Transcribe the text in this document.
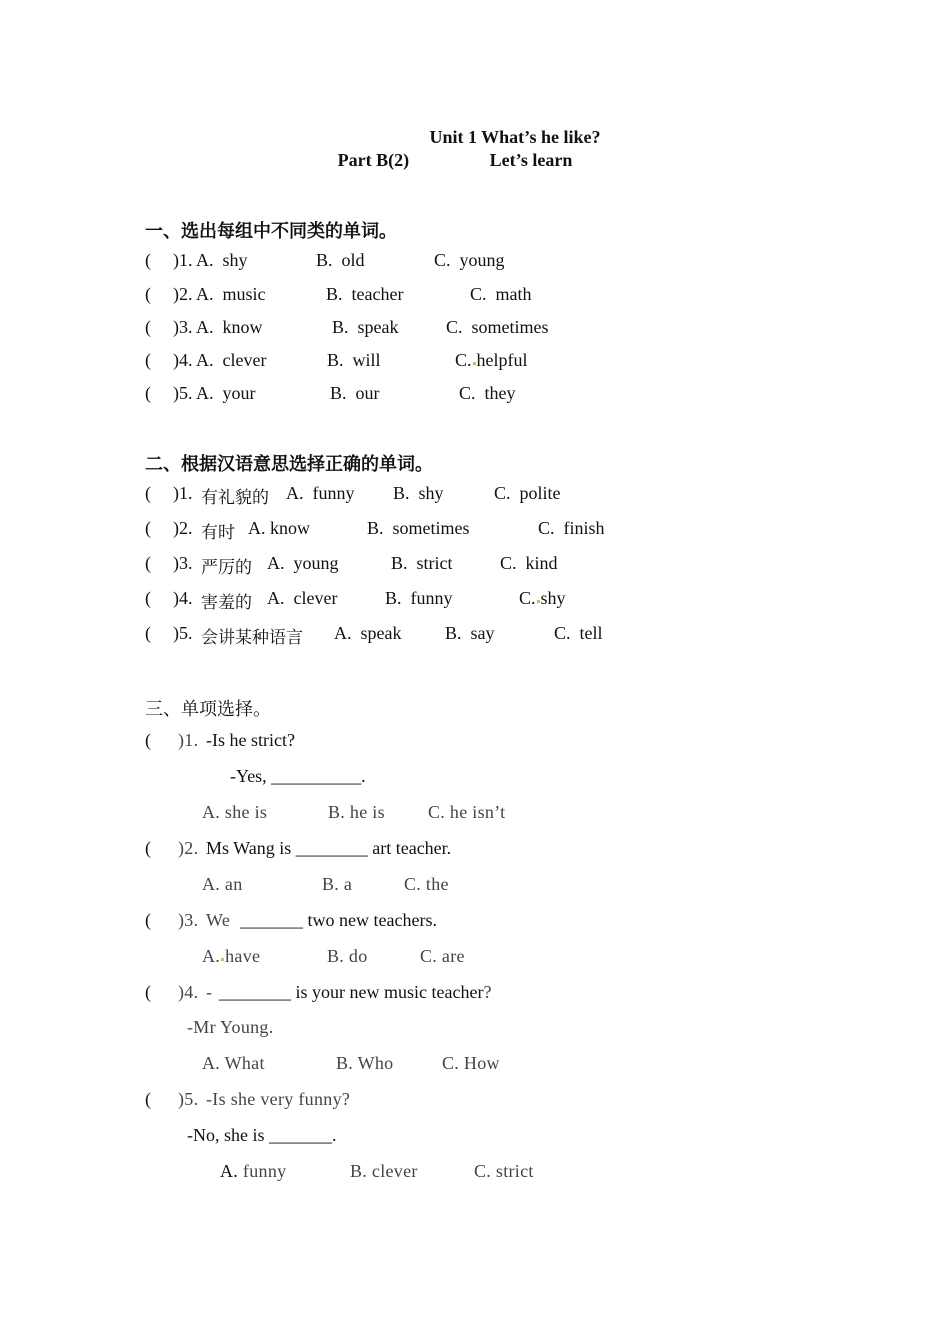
Unit 1 What’s he like?
Part B(2)	Let’s learn
一、选出每组中不同类的单词。
( )1. A.  shy	B.  old	C.  young
( )2. A.  music	B.  teacher	C.  math
( )3. A.  know	B.  speak	C.  sometimes
( )4. A.  clever	B.  will	C. helpful
( )5. A.  your	B.  our	C.  they
二、根据汉语意思选择正确的单词。
( )1. 有礼貌的 A.  funny B.  shy	C.  polite
( )2. 有时 A. know	B.  sometimes	C.  finish
( )3. 严厉的 A.  young	B.  strict	C.  kind
( )4. 害羞的 A.  clever	B.  funny	C. shy
( )5. 会讲某种语言 A.  speak B.  say	C.  tell
三、单项选择。
( )1. -Is he strict?
-Yes, __________.
A. she is	B. he is C. he isn’t
( )2. Ms Wang is ________ art teacher.
A. an	B. a	C. the
( )3. We _______ two new teachers.
A. have	B. do	C. are
( )4. - ________ is your new music teacher?
-Mr Young.
A. What	B. Who	C. How
( )5. -Is she very funny?
-No, she is _______.
A. funny	B. clever	C. strict
